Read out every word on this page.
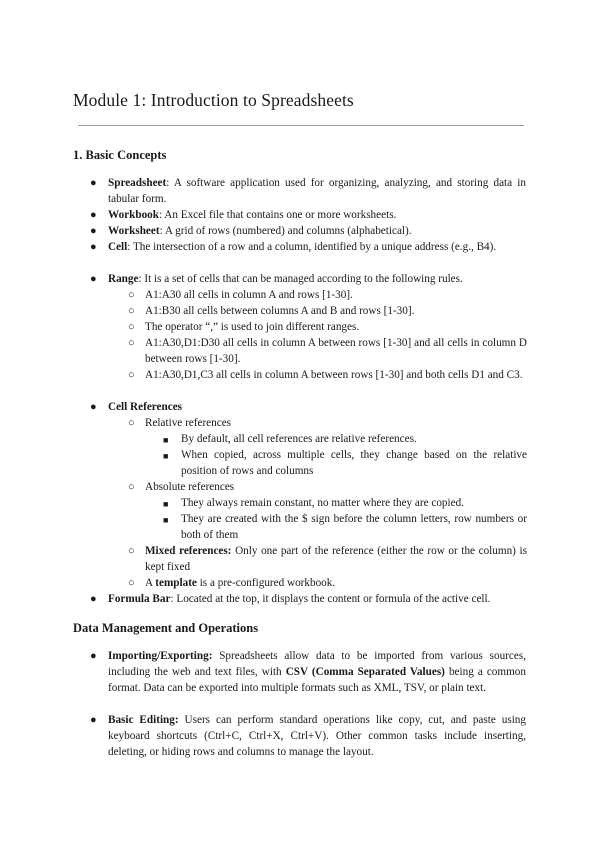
Module 1: Introduction to Spreadsheets
1. Basic Concepts
● Spreadsheet: A software application used for organizing, analyzing, and storing data in tabular form.
● Workbook: An Excel file that contains one or more worksheets.
● Worksheet: A grid of rows (numbered) and columns (alphabetical).
● Cell: The intersection of a row and a column, identified by a unique address (e.g., B4).
● Range: It is a set of cells that can be managed according to the following rules.
○ A1:A30 all cells in column A and rows [1-30].
○ A1:B30 all cells between columns A and B and rows [1-30].
○ The operator “,” is used to join different ranges.
○ A1:A30,D1:D30 all cells in column A between rows [1-30] and all cells in column D between rows [1-30].
○ A1:A30,D1,C3 all cells in column A between rows [1-30] and both cells D1 and C3.
● Cell References
○ Relative references
■ By default, all cell references are relative references.
■ When copied, across multiple cells, they change based on the relative position of rows and columns
○ Absolute references
■ They always remain constant, no matter where they are copied.
■ They are created with the $ sign before the column letters, row numbers or both of them
○ Mixed references: Only one part of the reference (either the row or the column) is kept fixed
○ A template is a pre-configured workbook.
● Formula Bar: Located at the top, it displays the content or formula of the active cell.
Data Management and Operations
● Importing/Exporting: Spreadsheets allow data to be imported from various sources, including the web and text files, with CSV (Comma Separated Values) being a common format. Data can be exported into multiple formats such as XML, TSV, or plain text.
● Basic Editing: Users can perform standard operations like copy, cut, and paste using keyboard shortcuts (Ctrl+C, Ctrl+X, Ctrl+V). Other common tasks include inserting, deleting, or hiding rows and columns to manage the layout.
